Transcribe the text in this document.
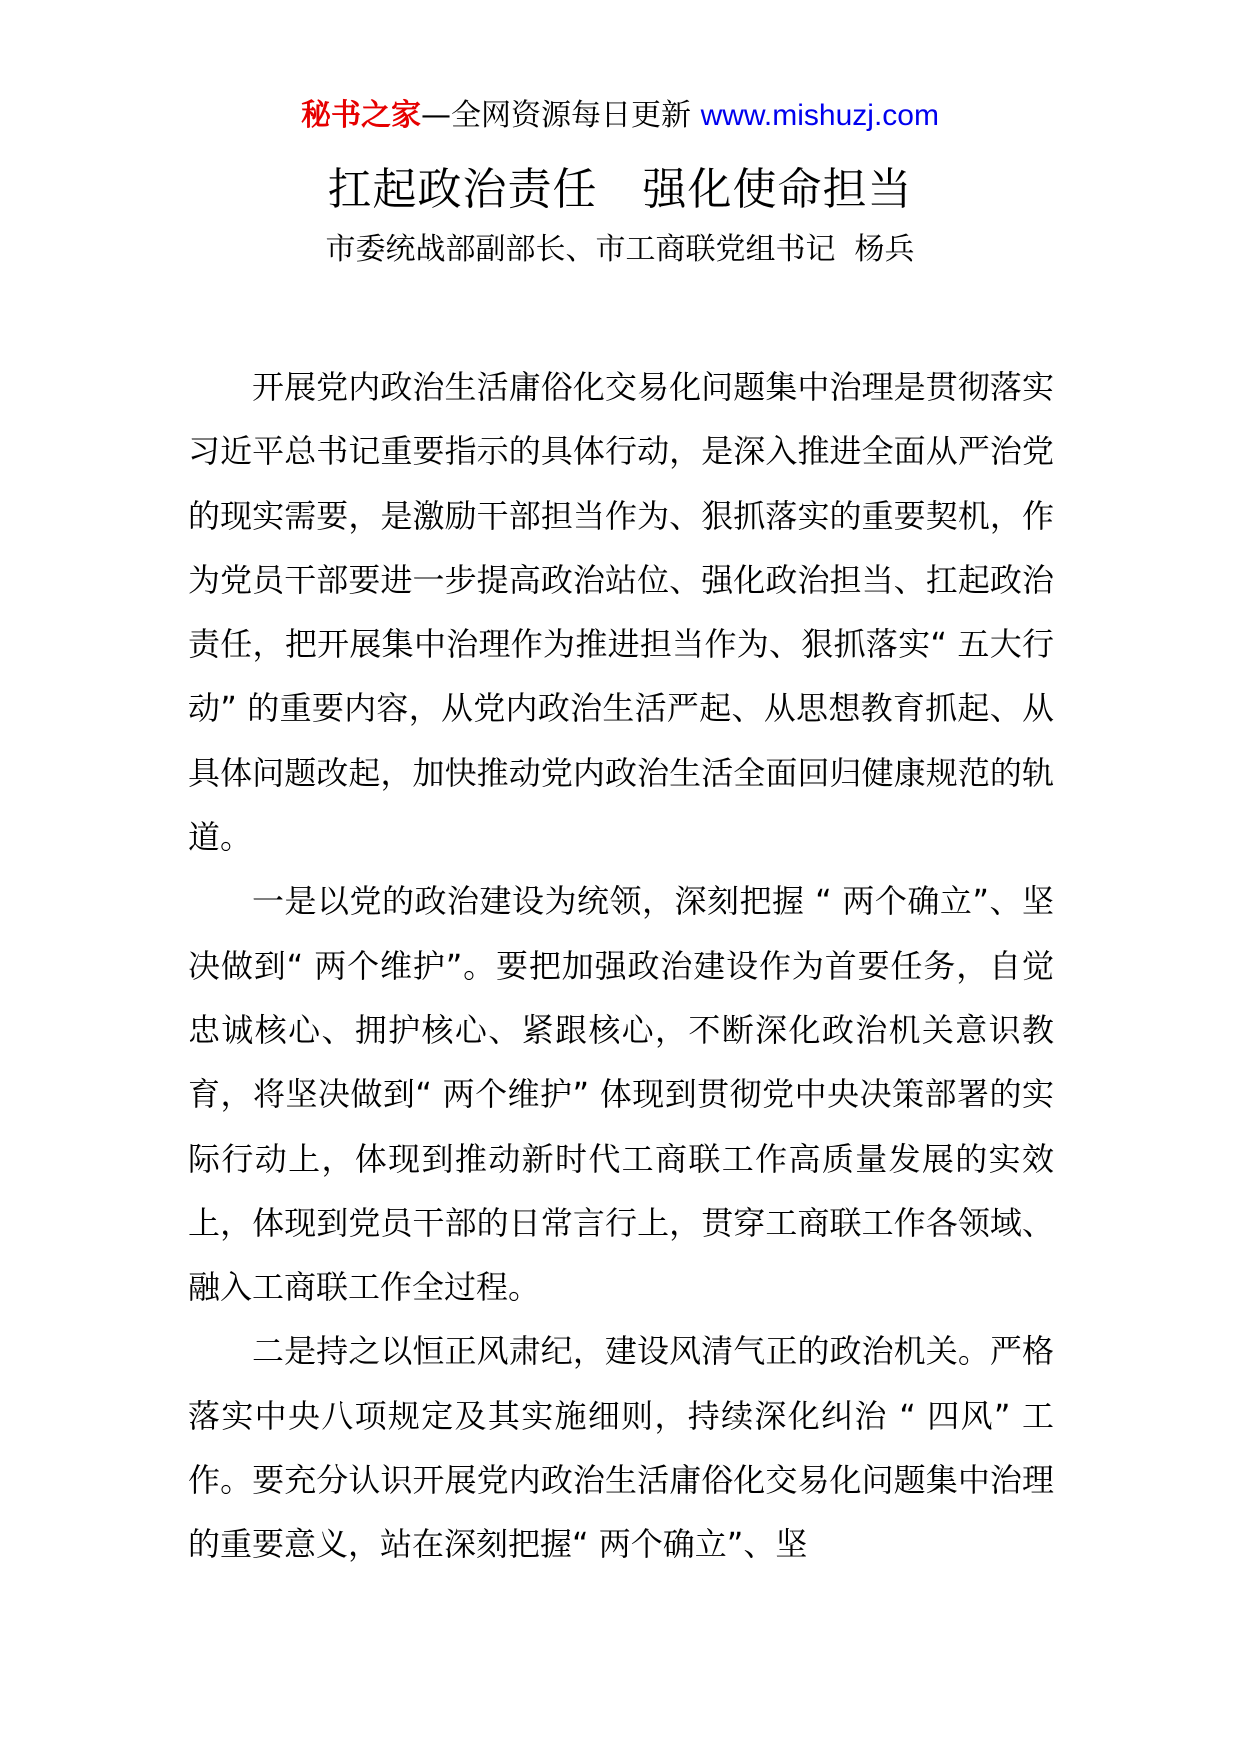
秘书之家—全网资源每日更新 www.mishuzj.com
扛起政治责任　强化使命担当
市委统战部副部长、市工商联党组书记  杨兵

开展党内政治生活庸俗化交易化问题集中治理是贯彻落实习近平总书记重要指示的具体行动，是深入推进全面从严治党的现实需要，是激励干部担当作为、狠抓落实的重要契机，作为党员干部要进一步提高政治站位、强化政治担当、扛起政治责任，把开展集中治理作为推进担当作为、狠抓落实“ 五大行动” 的重要内容，从党内政治生活严起、从思想教育抓起、从具体问题改起，加快推动党内政治生活全面回归健康规范的轨道。

一是以党的政治建设为统领，深刻把握 “ 两个确立”、坚决做到“ 两个维护”。要把加强政治建设作为首要任务，自觉忠诚核心、拥护核心、紧跟核心，不断深化政治机关意识教育，将坚决做到“ 两个维护” 体现到贯彻党中央决策部署的实际行动上，体现到推动新时代工商联工作高质量发展的实效上，体现到党员干部的日常言行上，贯穿工商联工作各领域、融入工商联工作全过程。

二是持之以恒正风肃纪，建设风清气正的政治机关。严格落实中央八项规定及其实施细则，持续深化纠治 “ 四风” 工作。要充分认识开展党内政治生活庸俗化交易化问题集中治理的重要意义，站在深刻把握“ 两个确立”、坚
